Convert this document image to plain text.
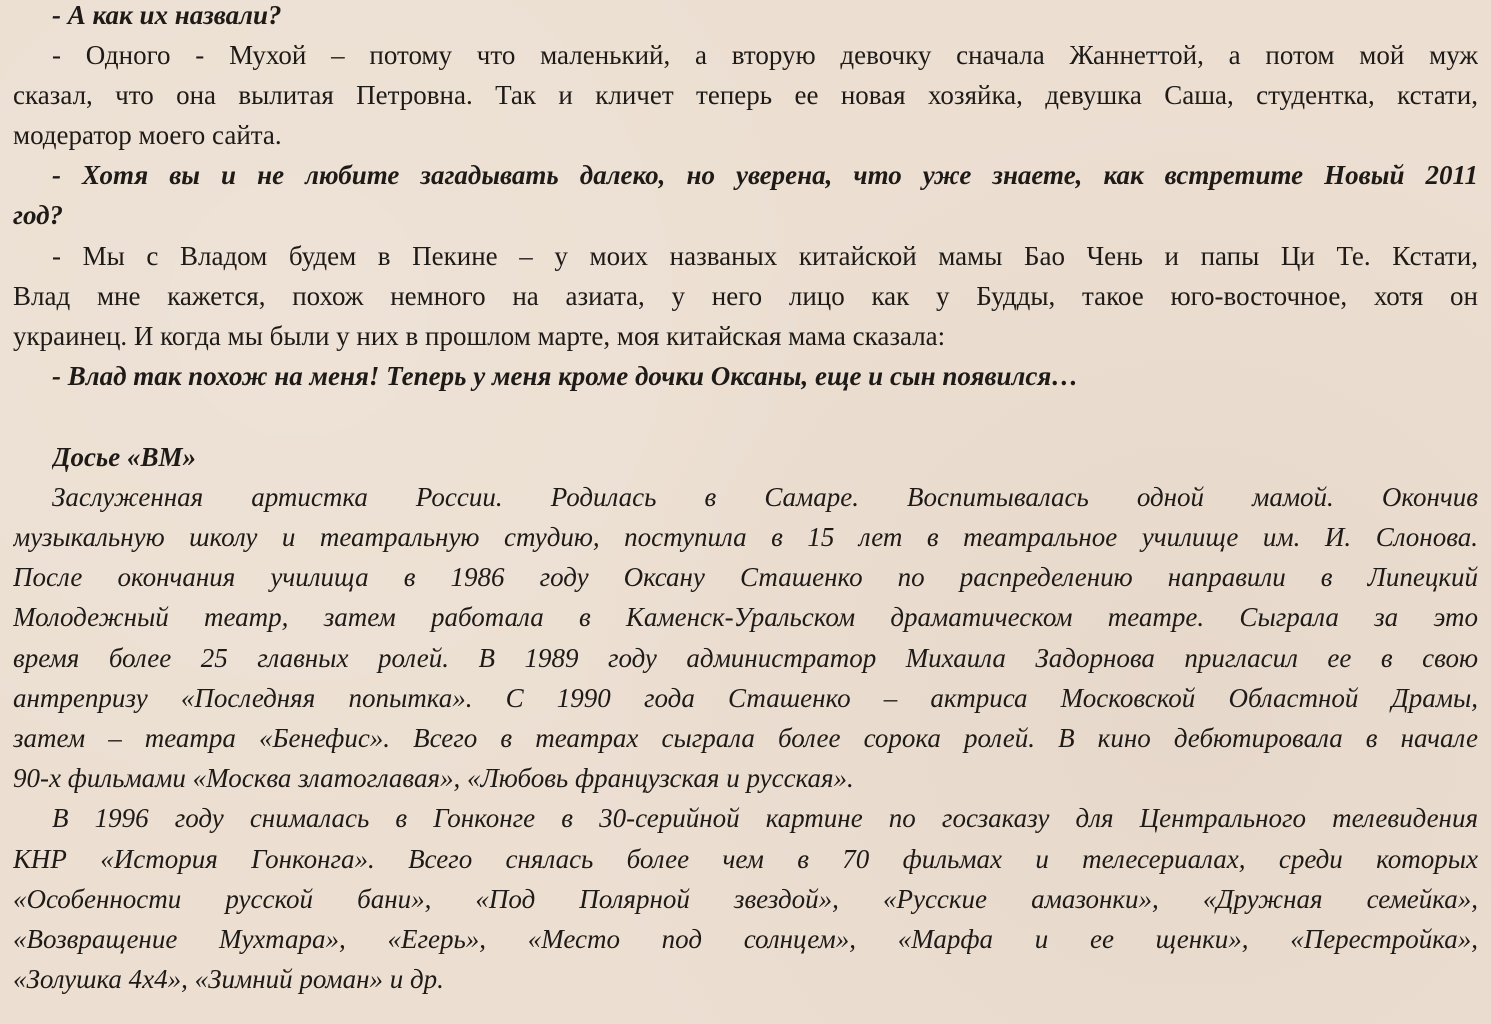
- А как их назвали?
- Одного - Мухой – потому что маленький, а вторую девочку сначала Жаннеттой, а потом мой муж
сказал, что она вылитая Петровна. Так и кличет теперь ее новая хозяйка, девушка Саша, студентка, кстати,
модератор моего сайта.
- Хотя вы и не любите загадывать далеко, но уверена, что уже знаете, как встретите Новый 2011
год?
- Мы с Владом будем в Пекине – у моих названых китайской мамы Бао Чень и папы Ци Те. Кстати,
Влад мне кажется, похож немного на азиата, у него лицо как у Будды, такое юго-восточное, хотя он
украинец. И когда мы были у них в прошлом марте, моя китайская мама сказала:
- Влад так похож на меня! Теперь у меня кроме дочки Оксаны, еще и сын появился…
Досье «ВМ»
Заслуженная артистка России. Родилась в Самаре. Воспитывалась одной мамой. Окончив
музыкальную школу и театральную студию, поступила в 15 лет в театральное училище им. И. Слонова.
После окончания училища в 1986 году Оксану Сташенко по распределению направили в Липецкий
Молодежный театр, затем работала в Каменск-Уральском драматическом театре. Сыграла за это
время более 25 главных ролей. В 1989 году администратор Михаила Задорнова пригласил ее в свою
антрепризу «Последняя попытка». С 1990 года Сташенко – актриса Московской Областной Драмы,
затем – театра «Бенефис». Всего в театрах сыграла более сорока ролей. В кино дебютировала в начале
90-х фильмами «Москва златоглавая», «Любовь французская и русская».
В 1996 году снималась в Гонконге в 30-серийной картине по госзаказу для Центрального телевидения
КНР «История Гонконга». Всего снялась более чем в 70 фильмах и телесериалах, среди которых
«Особенности русской бани», «Под Полярной звездой», «Русские амазонки», «Дружная семейка»,
«Возвращение Мухтара», «Егерь», «Место под солнцем», «Марфа и ее щенки», «Перестройка»,
«Золушка 4x4», «Зимний роман» и др.
